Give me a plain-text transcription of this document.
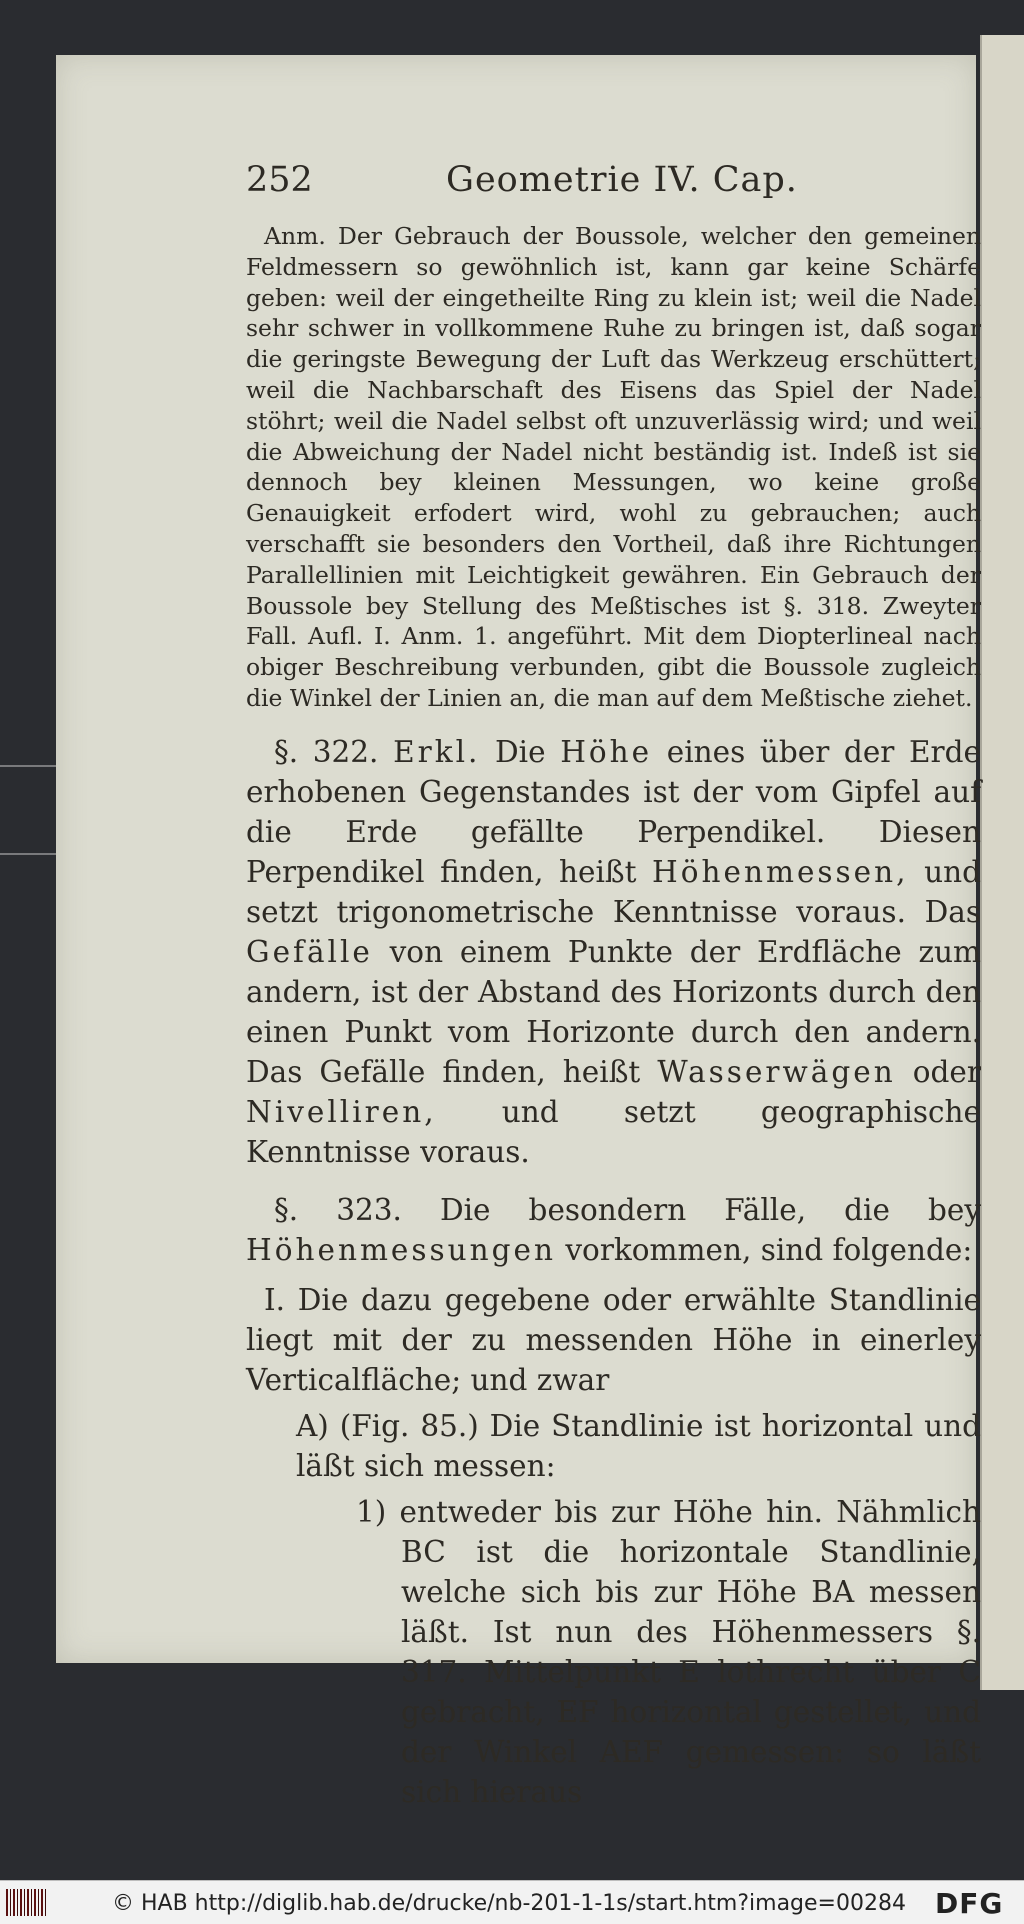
252	Geometrie IV. Cap.

Anm. Der Gebrauch der Boussole, welcher den gemeinen Feldmessern so gewöhnlich ist, kann gar keine Schärfe geben: weil der eingetheilte Ring zu klein ist; weil die Nadel sehr schwer in vollkommene Ruhe zu bringen ist, daß sogar die geringste Bewegung der Luft das Werkzeug erschüttert; weil die Nachbarschaft des Eisens das Spiel der Nadel stöhrt; weil die Nadel selbst oft unzuverlässig wird; und weil die Abweichung der Nadel nicht beständig ist. Indeß ist sie dennoch bey kleinen Messungen, wo keine große Genauigkeit erfodert wird, wohl zu gebrauchen; auch verschafft sie besonders den Vortheil, daß ihre Richtungen Parallellinien mit Leichtigkeit gewähren. Ein Gebrauch der Boussole bey Stellung des Meßtisches ist §. 318. Zweyter Fall. Aufl. I. Anm. 1. angeführt. Mit dem Diopterlineal nach obiger Beschreibung verbunden, gibt die Boussole zugleich die Winkel der Linien an, die man auf dem Meßtische ziehet.

§. 322. Erkl. Die Höhe eines über der Erde erhobenen Gegenstandes ist der vom Gipfel auf die Erde gefällte Perpendikel. Diesen Perpendikel finden, heißt Höhenmessen, und setzt trigonometrische Kenntnisse voraus. Das Gefälle von einem Punkte der Erdfläche zum andern, ist der Abstand des Horizonts durch den einen Punkt vom Horizonte durch den andern. Das Gefälle finden, heißt Wasserwägen oder Nivelliren, und setzt geographische Kenntnisse voraus.

§. 323. Die besondern Fälle, die bey Höhenmessungen vorkommen, sind folgende:

I. Die dazu gegebene oder erwählte Standlinie liegt mit der zu messenden Höhe in einerley Verticalfläche; und zwar

A) (Fig. 85.) Die Standlinie ist horizontal und läßt sich messen:

1) entweder bis zur Höhe hin. Nähmlich BC ist die horizontale Standlinie, welche sich bis zur Höhe BA messen läßt. Ist nun des Höhenmessers §. 317. Mittelpunkt E lothrecht über C gebracht, EF horizontal gestellet, und der Winkel AEF gemessen: so läßt sich hieraus

© HAB http://diglib.hab.de/drucke/nb-201-1-1s/start.htm?image=00284 DFG
